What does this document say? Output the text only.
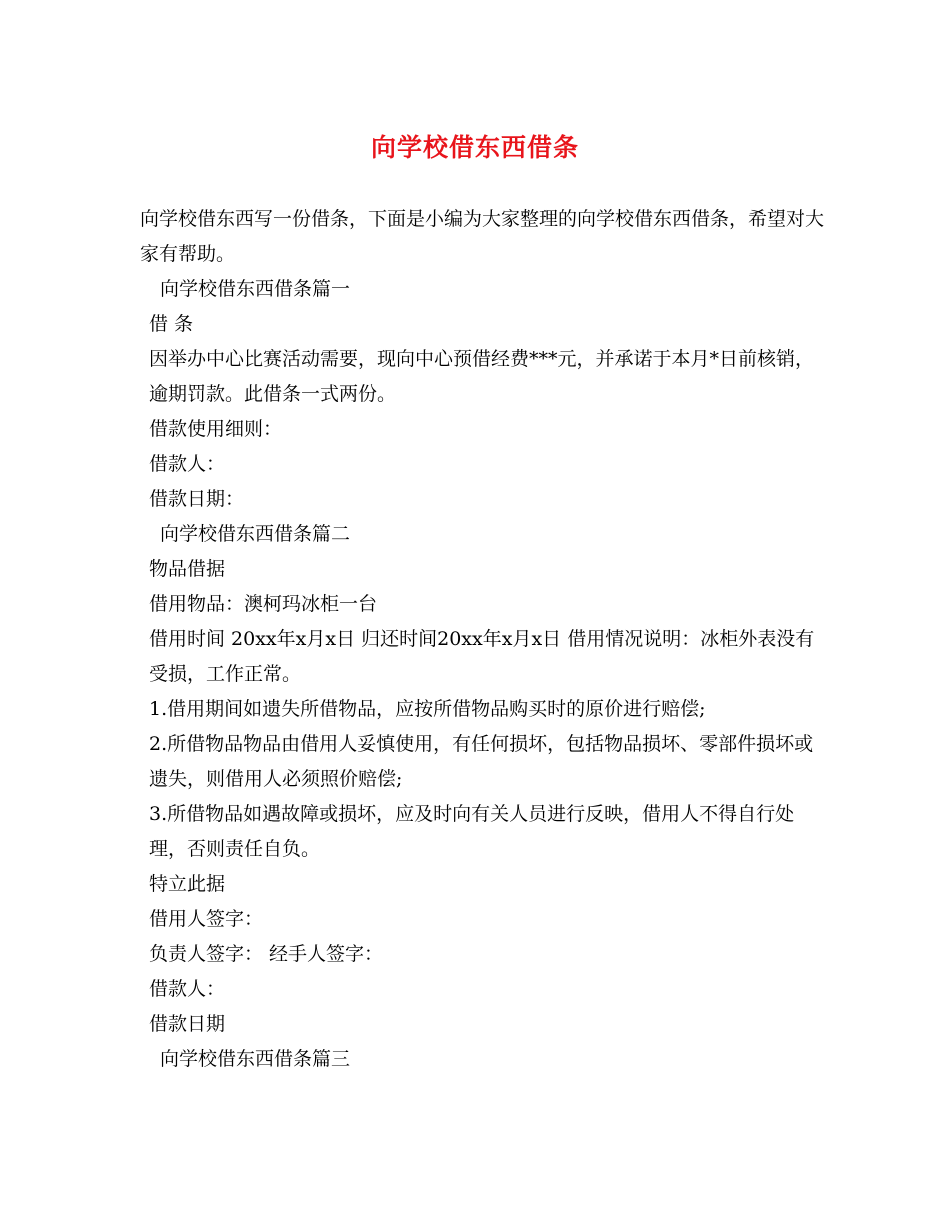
向学校借东西借条

向学校借东西写一份借条，下面是小编为大家整理的向学校借东西借条，希望对大家有帮助。

向学校借东西借条篇一

借 条

因举办中心比赛活动需要，现向中心预借经费***元，并承诺于本月*日前核销，逾期罚款。此借条一式两份。

借款使用细则：

借款人：

借款日期：

向学校借东西借条篇二

物品借据

借用物品：澳柯玛冰柜一台

借用时间 20xx年x月x日 归还时间20xx年x月x日 借用情况说明：冰柜外表没有受损，工作正常。

1.借用期间如遗失所借物品，应按所借物品购买时的原价进行赔偿;

2.所借物品物品由借用人妥慎使用，有任何损坏，包括物品损坏、零部件损坏或遗失，则借用人必须照价赔偿;

3.所借物品如遇故障或损坏，应及时向有关人员进行反映，借用人不得自行处理，否则责任自负。

特立此据

借用人签字：

负责人签字： 经手人签字：

借款人：

借款日期

向学校借东西借条篇三
